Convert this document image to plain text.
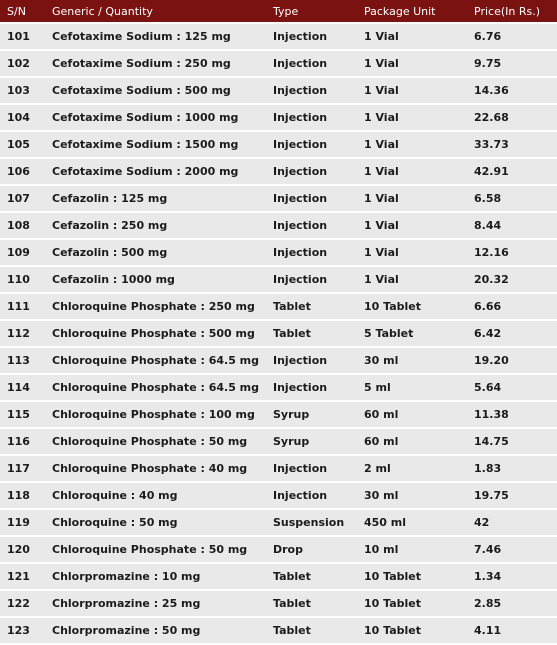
S/N	Generic / Quantity	Type	Package Unit	Price(In Rs.)
101	Cefotaxime Sodium : 125 mg	Injection	1 Vial	6.76
102	Cefotaxime Sodium : 250 mg	Injection	1 Vial	9.75
103	Cefotaxime Sodium : 500 mg	Injection	1 Vial	14.36
104	Cefotaxime Sodium : 1000 mg	Injection	1 Vial	22.68
105	Cefotaxime Sodium : 1500 mg	Injection	1 Vial	33.73
106	Cefotaxime Sodium : 2000 mg	Injection	1 Vial	42.91
107	Cefazolin : 125 mg	Injection	1 Vial	6.58
108	Cefazolin : 250 mg	Injection	1 Vial	8.44
109	Cefazolin : 500 mg	Injection	1 Vial	12.16
110	Cefazolin : 1000 mg	Injection	1 Vial	20.32
111	Chloroquine Phosphate : 250 mg	Tablet	10 Tablet	6.66
112	Chloroquine Phosphate : 500 mg	Tablet	5 Tablet	6.42
113	Chloroquine Phosphate : 64.5 mg	Injection	30 ml	19.20
114	Chloroquine Phosphate : 64.5 mg	Injection	5 ml	5.64
115	Chloroquine Phosphate : 100 mg	Syrup	60 ml	11.38
116	Chloroquine Phosphate : 50 mg	Syrup	60 ml	14.75
117	Chloroquine Phosphate : 40 mg	Injection	2 ml	1.83
118	Chloroquine : 40 mg	Injection	30 ml	19.75
119	Chloroquine : 50 mg	Suspension	450 ml	42
120	Chloroquine Phosphate : 50 mg	Drop	10 ml	7.46
121	Chlorpromazine : 10 mg	Tablet	10 Tablet	1.34
122	Chlorpromazine : 25 mg	Tablet	10 Tablet	2.85
123	Chlorpromazine : 50 mg	Tablet	10 Tablet	4.11
